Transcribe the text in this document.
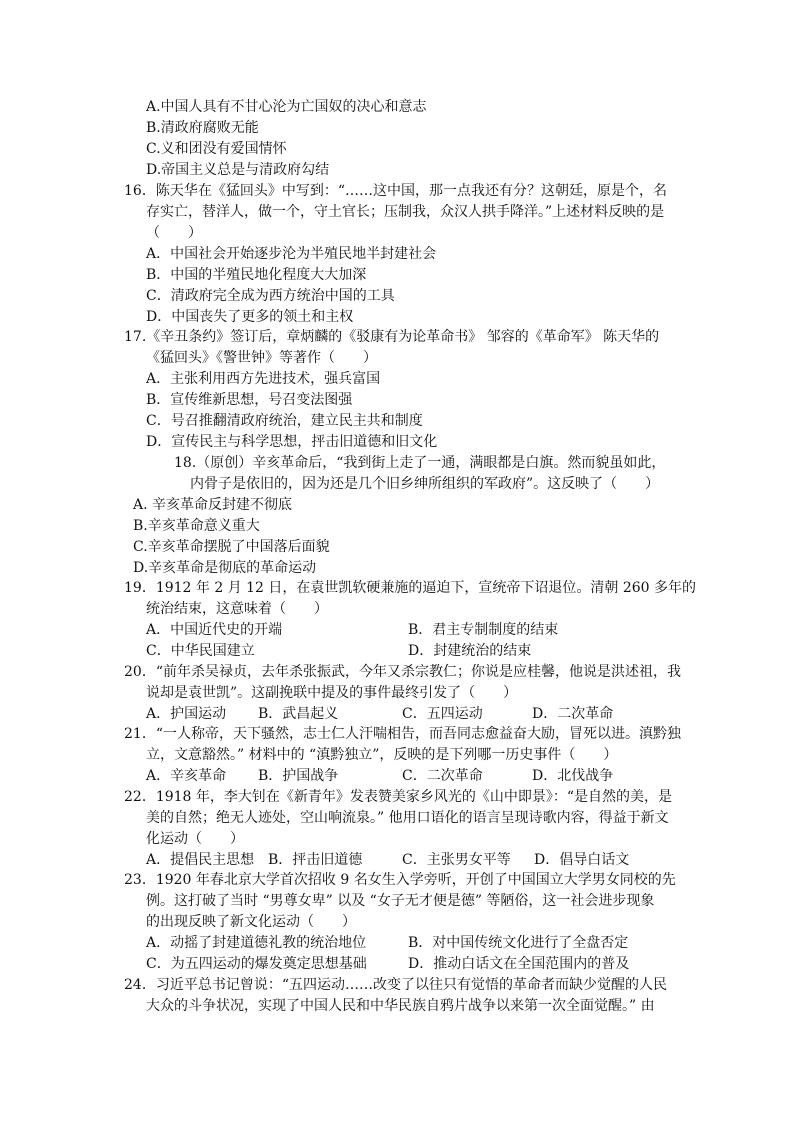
A.中国人具有不甘心沦为亡国奴的决心和意志
B.清政府腐败无能
C.义和团没有爱国情怀
D.帝国主义总是与清政府勾结
16．陈天华在《猛回头》中写到：“……这中国，那一点我还有分？这朝廷，原是个，名
存实亡，替洋人，做一个，守土官长；压制我，众汉人拱手降洋。”上述材料反映的是
（　　）
A．中国社会开始逐步沦为半殖民地半封建社会
B．中国的半殖民地化程度大大加深
C．清政府完全成为西方统治中国的工具
D．中国丧失了更多的领土和主权
17.《辛丑条约》签订后，章炳麟的《驳康有为论革命书》 邹容的《革命军》 陈天华的
《猛回头》《警世钟》等著作（　　）
A．主张利用西方先进技术，强兵富国
B．宣传维新思想，号召变法图强
C．号召推翻清政府统治，建立民主共和制度
D．宣传民主与科学思想，抨击旧道德和旧文化
18.（原创）辛亥革命后，“我到街上走了一通，满眼都是白旗。然而貌虽如此，
内骨子是依旧的，因为还是几个旧乡绅所组织的军政府”。这反映了（　　）
A. 辛亥革命反封建不彻底
B.辛亥革命意义重大
C.辛亥革命摆脱了中国落后面貌
D.辛亥革命是彻底的革命运动
19．1912 年 2 月 12 日，在袁世凯软硬兼施的逼迫下，宣统帝下诏退位。清朝 260 多年的
统治结束，这意味着（　　）
A．中国近代史的开端	B．君主专制制度的结束
C．中华民国建立	D．封建统治的结束
20．“前年杀吴禄贞，去年杀张振武，今年又杀宗教仁；你说是应桂馨，他说是洪述祖，我
说却是袁世凯”。这副挽联中提及的事件最终引发了（　　）
A．护国运动 B．武昌起义	C．五四运动	D．二次革命
21．“一人称帝，天下骚然，志士仁人汗喘相告，而吾同志愈益奋大励，冒死以进。滇黔独
立，文意豁然。” 材料中的 “滇黔独立”，反映的是下列哪一历史事件（　　）
A．辛亥革命 B．护国战争	C．二次革命	D．北伐战争
22．1918 年，李大钊在《新青年》发表赞美家乡风光的《山中即景》：“是自然的美，是
美的自然；绝无人迹处，空山响流泉。” 他用口语化的语言呈现诗歌内容，得益于新文
化运动（　　）
A．提倡民主思想 B．抨击旧道德	C．主张男女平等 D．倡导白话文
23．1920 年春北京大学首次招收 9 名女生入学旁听，开创了中国国立大学男女同校的先
例。这打破了当时 “男尊女卑” 以及 “女子无才便是德” 等陋俗，这一社会进步现象
的出现反映了新文化运动（　　）
A．动摇了封建道德礼教的统治地位	B．对中国传统文化进行了全盘否定
C．为五四运动的爆发奠定思想基础	D．推动白话文在全国范围内的普及
24．习近平总书记曾说：“五四运动……改变了以往只有觉悟的革命者而缺少觉醒的人民
大众的斗争状况，实现了中国人民和中华民族自鸦片战争以来第一次全面觉醒。” 由
